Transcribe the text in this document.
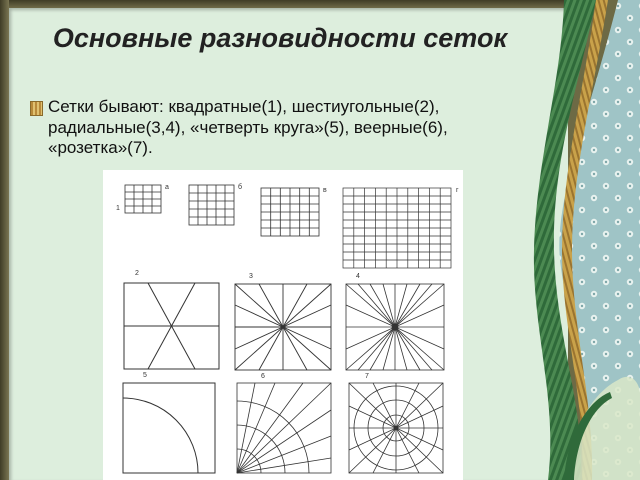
Основные разновидности сеток

Сетки бывают: квадратные(1), шестиугольные(2), радиальные(3,4), «четверть круга»(5), веерные(6), «розетка»(7).

1
а	б	в	г
2	3	4
5	6	7
